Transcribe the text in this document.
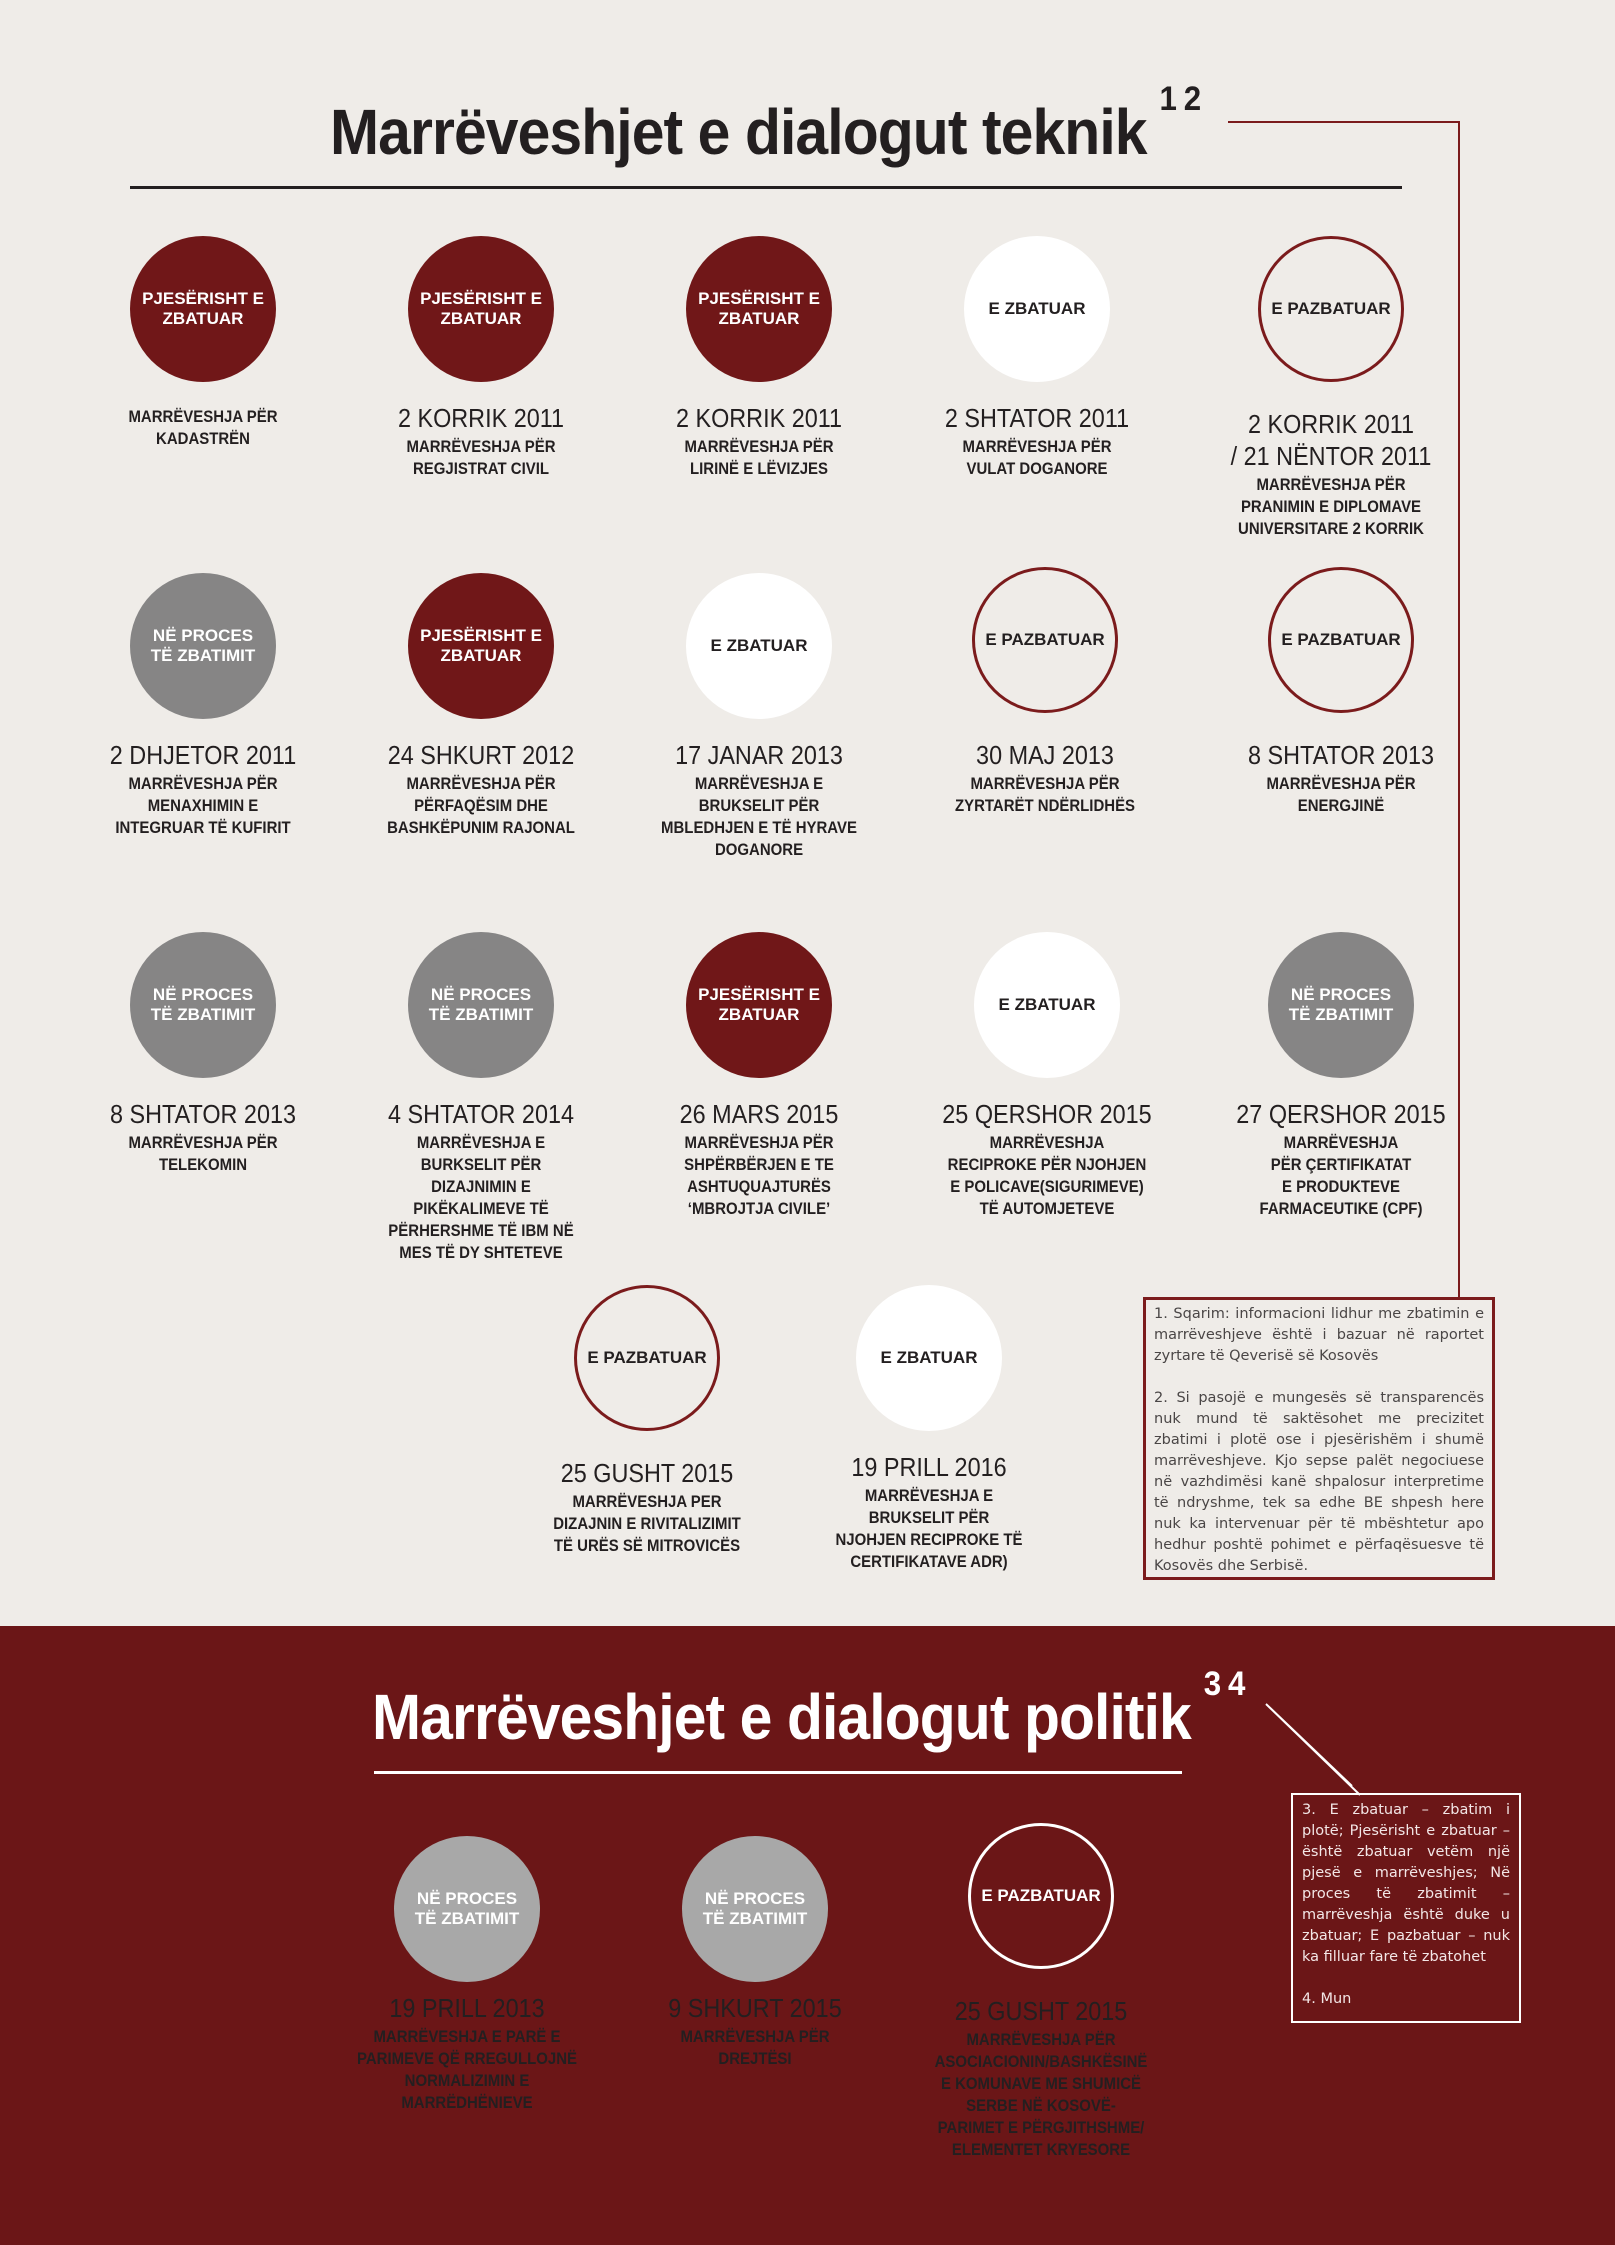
Marrëveshjet e dialogut teknik $^{1 2}$
PJESËRISHT E ZBATUAR
MARRËVESHJA PËR
KADASTRËN
PJESËRISHT E ZBATUAR
2 KORRIK 2011
MARRËVESHJA PËR
REGJISTRAT CIVIL
PJESËRISHT E ZBATUAR
2 KORRIK 2011
MARRËVESHJA PËR
LIRINË E LËVIZJES
E ZBATUAR
2 SHTATOR 2011
MARRËVESHJA PËR
VULAT DOGANORE
E PAZBATUAR
2 KORRIK 2011
/ 21 NËNTOR 2011
MARRËVESHJA PËR
PRANIMIN E DIPLOMAVE
UNIVERSITARE 2 KORRIK
NË PROCES TË ZBATIMIT
2 DHJETOR 2011
MARRËVESHJA PËR
MENAXHIMIN E
INTEGRUAR TË KUFIRIT
PJESËRISHT E ZBATUAR
24 SHKURT 2012
MARRËVESHJA PËR
PËRFAQËSIM DHE
BASHKËPUNIM RAJONAL
E ZBATUAR
17 JANAR 2013
MARRËVESHJA E
BRUKSELIT PËR
MBLEDHJEN E TË HYRAVE
DOGANORE
E PAZBATUAR
30 MAJ 2013
MARRËVESHJA PËR
ZYRTARËT NDËRLIDHËS
E PAZBATUAR
8 SHTATOR 2013
MARRËVESHJA PËR
ENERGJINË
NË PROCES TË ZBATIMIT
8 SHTATOR 2013
MARRËVESHJA PËR
TELEKOMIN
NË PROCES TË ZBATIMIT
4 SHTATOR 2014
MARRËVESHJA E
BURKSELIT PËR
DIZAJNIMIN E
PIKËKALIMEVE TË
PËRHERSHME TË IBM NË
MES TË DY SHTETEVE
PJESËRISHT E ZBATUAR
26 MARS 2015
MARRËVESHJA PËR
SHPËRBËRJEN E TE
ASHTUQUAJTURËS
‘MBROJTJA CIVILE’
E ZBATUAR
25 QERSHOR 2015
MARRËVESHJA
RECIPROKE PËR NJOHJEN
E POLICAVE(SIGURIMEVE)
TË AUTOMJETEVE
NË PROCES TË ZBATIMIT
27 QERSHOR 2015
MARRËVESHJA
PËR ÇERTIFIKATAT
E PRODUKTEVE
FARMACEUTIKE (CPF)
E PAZBATUAR
25 GUSHT 2015
MARRËVESHJA PER
DIZAJNIN E RIVITALIZIMIT
TË URËS SË MITROVICËS
E ZBATUAR
19 PRILL 2016
MARRËVESHJA E
BRUKSELIT PËR
NJOHJEN RECIPROKE TË
CERTIFIKATAVE ADR)

1. Sqarim: informacioni lidhur me zbatimin e marrëveshjeve është i bazuar në raportet zyrtare të Qeverisë së Kosovës

2. Si pasojë e mungesës së transparencës nuk mund të saktësohet me precizitet zbatimi i plotë ose i pjesërishëm i shumë marrëveshjeve. Kjo sepse palët negociuese në vazhdimësi kanë shpalosur interpretime të ndryshme, tek sa edhe BE shpesh here nuk ka intervenuar për të mbështetur apo hedhur poshtë pohimet e përfaqësuesve të Kosovës dhe Serbisë.

Marrëveshjet e dialogut politik $^{3 4}$
NË PROCES TË ZBATIMIT
19 PRILL 2013
MARRËVESHJA E PARË E
PARIMEVE QË RREGULLOJNË
NORMALIZIMIN E
MARRËDHËNIEVE
NË PROCES TË ZBATIMIT
9 SHKURT 2015
MARRËVESHJA PËR
DREJTËSI
E PAZBATUAR
25 GUSHT 2015
MARRËVESHJA PËR
ASOCIACIONIN/BASHKËSINË
E KOMUNAVE ME SHUMICË
SERBE NË KOSOVË-
PARIMET E PËRGJITHSHME/
ELEMENTET KRYESORE

3. E zbatuar – zbatim i plotë; Pjesërisht e zbatuar – është zbatuar vetëm një pjesë e marrëveshjes; Në proces të zbatimit – marrëveshja është duke u zbatuar; E pazbatuar – nuk ka filluar fare të zbatohet

4. Mun
